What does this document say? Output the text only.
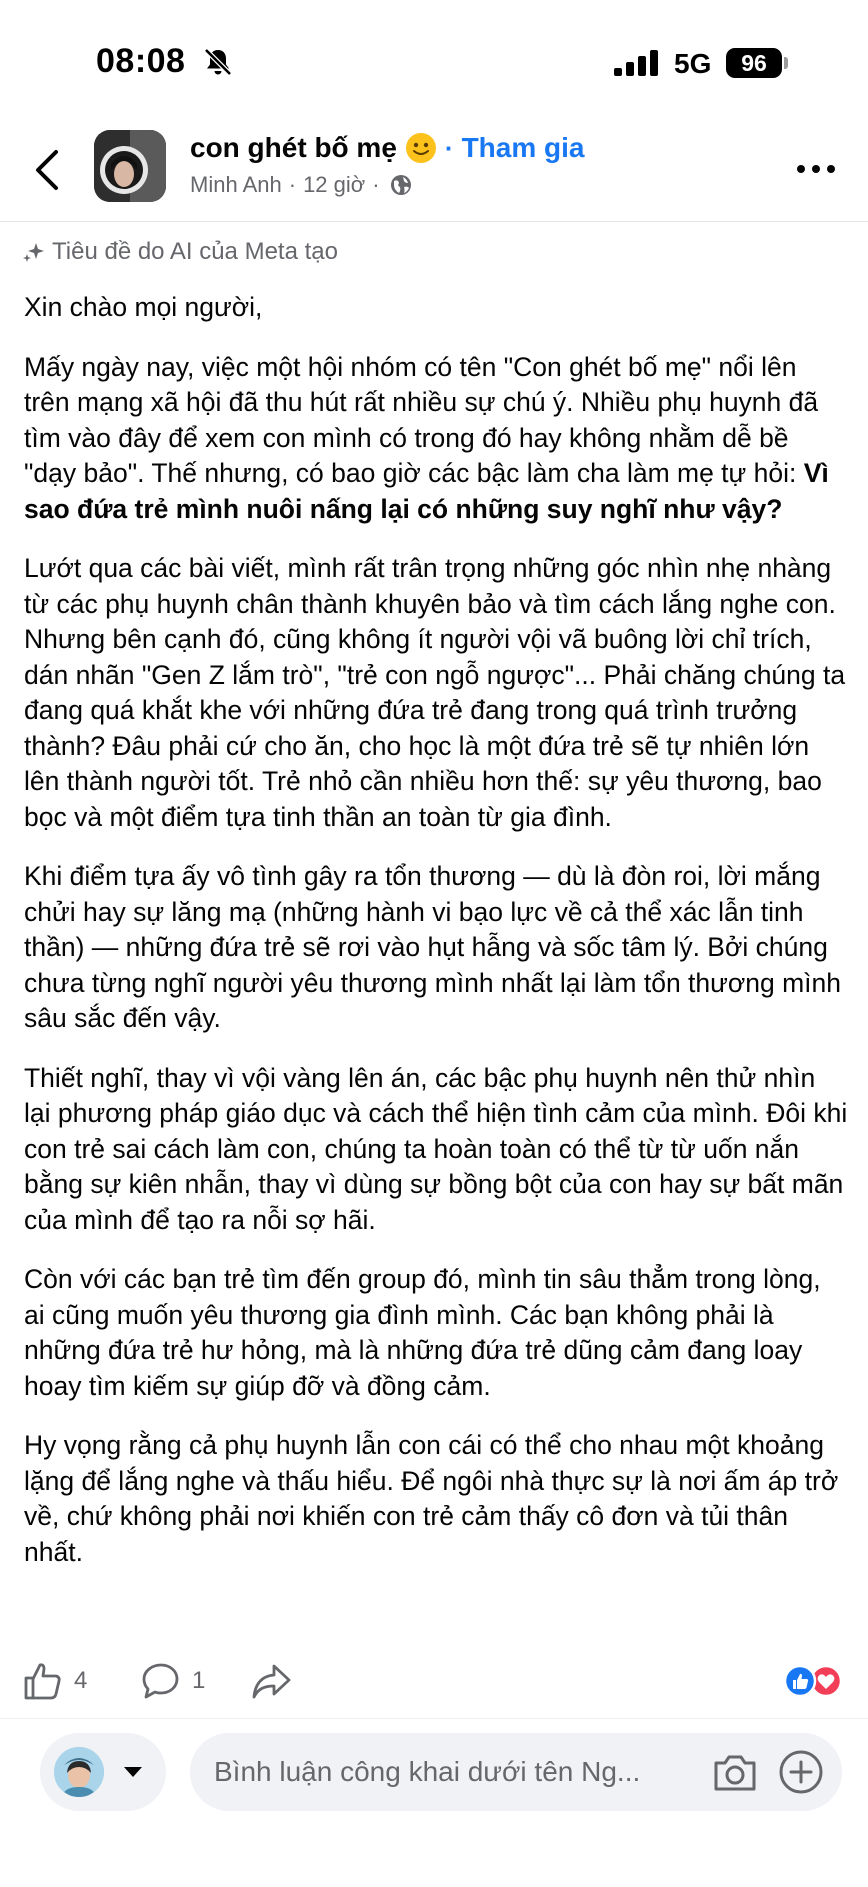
08:08	5G	96
con ghét bố mẹ · Tham gia
Minh Anh · 12 giờ ·
Tiêu đề do AI của Meta tạo

Xin chào mọi người,

Mấy ngày nay, việc một hội nhóm có tên "Con ghét bố mẹ" nổi lên trên mạng xã hội đã thu hút rất nhiều sự chú ý. Nhiều phụ huynh đã tìm vào đây để xem con mình có trong đó hay không nhằm dễ bề "dạy bảo". Thế nhưng, có bao giờ các bậc làm cha làm mẹ tự hỏi: Vì sao đứa trẻ mình nuôi nấng lại có những suy nghĩ như vậy?

Lướt qua các bài viết, mình rất trân trọng những góc nhìn nhẹ nhàng từ các phụ huynh chân thành khuyên bảo và tìm cách lắng nghe con. Nhưng bên cạnh đó, cũng không ít người vội vã buông lời chỉ trích, dán nhãn "Gen Z lắm trò", "trẻ con ngỗ ngược"... Phải chăng chúng ta đang quá khắt khe với những đứa trẻ đang trong quá trình trưởng thành? Đâu phải cứ cho ăn, cho học là một đứa trẻ sẽ tự nhiên lớn lên thành người tốt. Trẻ nhỏ cần nhiều hơn thế: sự yêu thương, bao bọc và một điểm tựa tinh thần an toàn từ gia đình.

Khi điểm tựa ấy vô tình gây ra tổn thương — dù là đòn roi, lời mắng chửi hay sự lăng mạ (những hành vi bạo lực về cả thể xác lẫn tinh thần) — những đứa trẻ sẽ rơi vào hụt hẫng và sốc tâm lý. Bởi chúng chưa từng nghĩ người yêu thương mình nhất lại làm tổn thương mình sâu sắc đến vậy.

Thiết nghĩ, thay vì vội vàng lên án, các bậc phụ huynh nên thử nhìn lại phương pháp giáo dục và cách thể hiện tình cảm của mình. Đôi khi con trẻ sai cách làm con, chúng ta hoàn toàn có thể từ từ uốn nắn bằng sự kiên nhẫn, thay vì dùng sự bồng bột của con hay sự bất mãn của mình để tạo ra nỗi sợ hãi.

Còn với các bạn trẻ tìm đến group đó, mình tin sâu thẳm trong lòng, ai cũng muốn yêu thương gia đình mình. Các bạn không phải là những đứa trẻ hư hỏng, mà là những đứa trẻ dũng cảm đang loay hoay tìm kiếm sự giúp đỡ và đồng cảm.

Hy vọng rằng cả phụ huynh lẫn con cái có thể cho nhau một khoảng lặng để lắng nghe và thấu hiểu. Để ngôi nhà thực sự là nơi ấm áp trở về, chứ không phải nơi khiến con trẻ cảm thấy cô đơn và tủi thân nhất.

4	1
Bình luận công khai dưới tên Ng...
